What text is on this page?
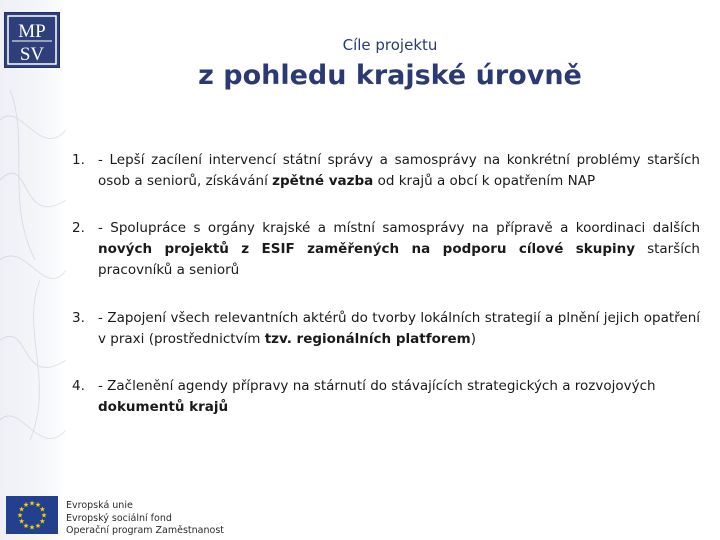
MP
SV	Cíle projektu
z pohledu krajské úrovně
1. - Lepší zacílení intervencí státní správy a samosprávy na konkrétní problémy starších osob a seniorů, získávání zpětné vazba od krajů a obcí k opatřením NAP
2. - Spolupráce s orgány krajské a místní samosprávy na přípravě a koordinaci dalších nových projektů z ESIF zaměřených na podporu cílové skupiny starších pracovníků a seniorů
3. - Zapojení všech relevantních aktérů do tvorby lokálních strategií a plnění jejich opatření v praxi (prostřednictvím tzv. regionálních platforem)
4. - Začlenění agendy přípravy na stárnutí do stávajících strategických a rozvojových dokumentů krajů
★
★
★
★
★
★
★
★
★ ★ ★
★ Evropská unie
Evropský sociální fond
Operační program Zaměstnanost
